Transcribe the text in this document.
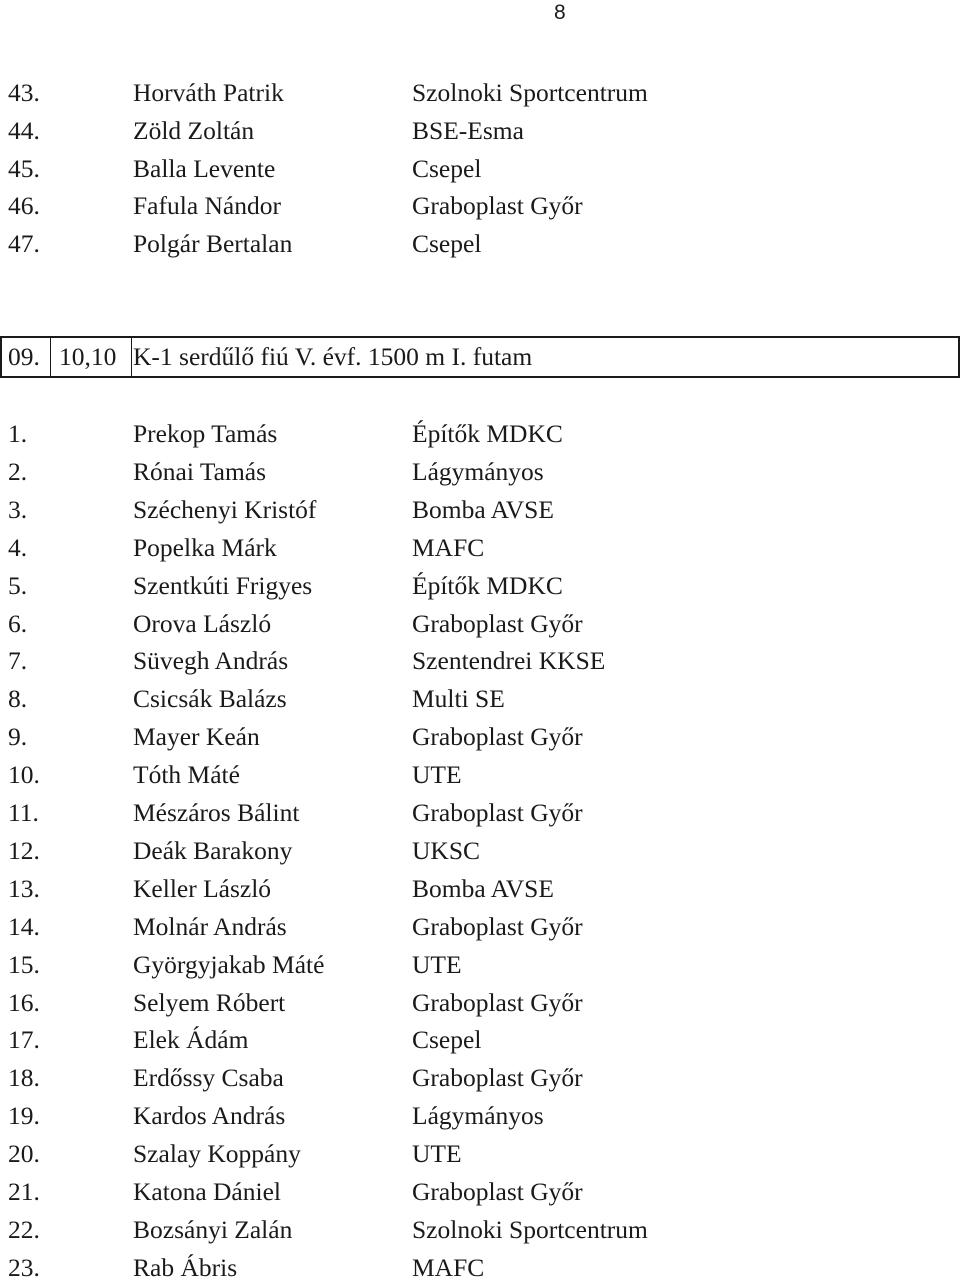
8
43.	Horváth Patrik	Szolnoki Sportcentrum
44.	Zöld Zoltán	BSE-Esma
45.	Balla Levente	Csepel
46.	Fafula Nándor	Graboplast Győr
47.	Polgár Bertalan	Csepel
09. 10,10 K-1 serdűlő fiú V. évf. 1500 m I. futam
1.	Prekop Tamás	Építők MDKC
2.	Rónai Tamás	Lágymányos
3.	Széchenyi Kristóf	Bomba AVSE
4.	Popelka Márk	MAFC
5.	Szentkúti Frigyes	Építők MDKC
6.	Orova László	Graboplast Győr
7.	Süvegh András	Szentendrei KKSE
8.	Csicsák Balázs	Multi SE
9.	Mayer Keán	Graboplast Győr
10.	Tóth Máté	UTE
11.	Mészáros Bálint	Graboplast Győr
12.	Deák Barakony	UKSC
13.	Keller László	Bomba AVSE
14.	Molnár András	Graboplast Győr
15.	Györgyjakab Máté	UTE
16.	Selyem Róbert	Graboplast Győr
17.	Elek Ádám	Csepel
18.	Erdőssy Csaba	Graboplast Győr
19.	Kardos András	Lágymányos
20.	Szalay Koppány	UTE
21.	Katona Dániel	Graboplast Győr
22.	Bozsányi Zalán	Szolnoki Sportcentrum
23.	Rab Ábris	MAFC
